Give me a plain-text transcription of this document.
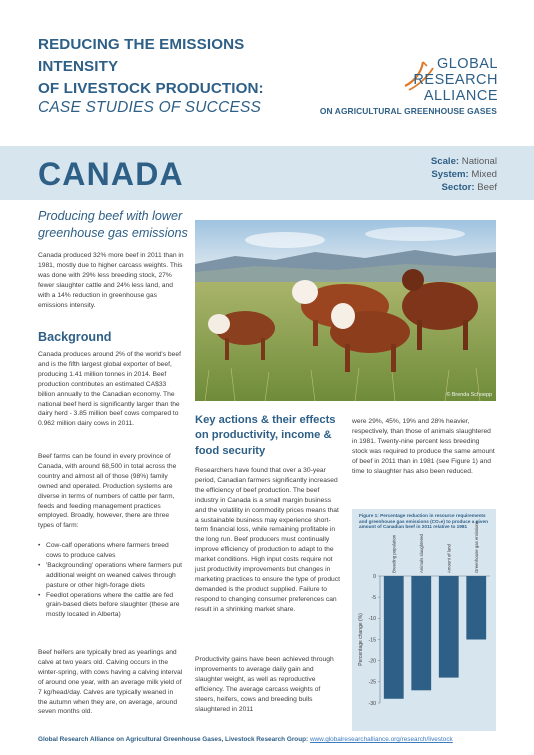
REDUCING THE EMISSIONS INTENSITY
OF LIVESTOCK PRODUCTION:
CASE STUDIES OF SUCCESS
GLOBAL
RESEARCH
ALLIANCE
ON AGRICULTURAL GREENHOUSE GASES
CANADA	Scale: National
System: Mixed
Sector: Beef
Producing beef with lower greenhouse gas emissions

Canada produced 32% more beef in 2011 than in 1981, mostly due to higher carcass weights. This was done with 29% less breeding stock, 27% fewer slaughter cattle and 24% less land, and with a 14% reduction in greenhouse gas emissions intensity.

Background

Canada produces around 2% of the world's beef and is the fifth largest global exporter of beef, producing 1.41 million tonnes in 2014. Beef production contributes an estimated CA$33 billion annually to the Canadian economy. The national beef herd is significantly larger than the dairy herd - 3.85 million beef cows compared to 0.962 million dairy cows in 2011.

Beef farms can be found in every province of Canada, with around 68,500 in total across the country and almost all of those (98%) family owned and operated. Production systems are diverse in terms of numbers of cattle per farm, feeds and feeding management practices employed. Broadly, however, there are three types of farm:

• Cow-calf operations where farmers breed cows to produce calves
• 'Backgrounding' operations where farmers put additional weight on weaned calves through pasture or other high-forage diets
• Feedlot operations where the cattle are fed grain-based diets before slaughter (these are mostly located in Alberta)

Beef heifers are typically bred as yearlings and calve at two years old. Calving occurs in the winter-spring, with cows having a calving interval of around one year, with an average milk yield of 7 kg/head/day. Calves are typically weaned in the autumn when they are, on average, around seven months old.

© Brenda Schoepp
Key actions & their effects on productivity, income & food security

Researchers have found that over a 30-year period, Canadian farmers significantly increased the efficiency of beef production. The beef industry in Canada is a small margin business and the volatility in commodity prices means that a sustainable business may experience short-term financial loss, while remaining profitable in the long run. Beef producers must continually improve efficiency of production to adapt to the market conditions. High input costs require not just productivity improvements but changes in marketing practices to ensure the type of product demanded is the product supplied. Failure to respond to changing consumer preferences can result in a shrinking market share.

Productivity gains have been achieved through improvements to average daily gain and slaughter weight, as well as reproductive efficiency. The average carcass weights of steers, heifers, cows and breeding bulls slaughtered in 2011

were 29%, 45%, 19% and 28% heavier, respectively, than those of animals slaughtered in 1981. Twenty-nine percent less breeding stock was required to produce the same amount of beef in 2011 than in 1981 (see Figure 1) and time to slaughter has also been reduced.

Figure 1: Percentage reduction in resource requirements and greenhouse gas emissions (CO₂e) to produce a given amount of Canadian beef in 2011 relative to 1981
0
-5
-10
-15
-20
-25
-30
Percentage change (%)
Breeding population	Animals slaughtered	Amount of land	Greenhouse gas emissions
Global Research Alliance on Agricultural Greenhouse Gases, Livestock Research Group: www.globalresearchalliance.org/research/livestock
